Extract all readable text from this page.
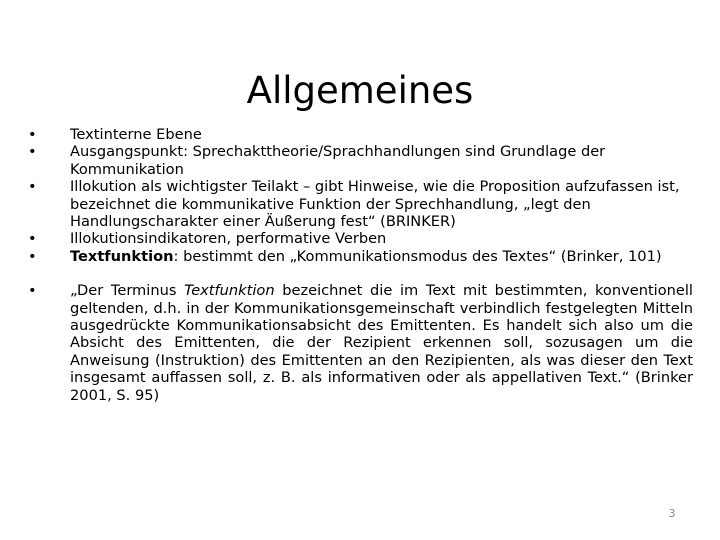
Allgemeines
•	Textinterne Ebene
•	Ausgangspunkt: Sprechakttheorie/Sprachhandlungen sind Grundlage der Kommunikation
•	Illokution als wichtigster Teilakt – gibt Hinweise, wie die Proposition aufzufassen ist, bezeichnet die kommunikative Funktion der Sprechhandlung, „legt den Handlungscharakter einer Äußerung fest“ (BRINKER)
•	Illokutionsindikatoren, performative Verben
•	Textfunktion: bestimmt den „Kommunikationsmodus des Textes“ (Brinker, 101)
•	„Der Terminus Textfunktion bezeichnet die im Text mit bestimmten, konventionell geltenden, d.h. in der Kommunikationsgemeinschaft verbindlich festgelegten Mitteln ausgedrückte Kommunikationsabsicht des Emittenten. Es handelt sich also um die Absicht des Emittenten, die der Rezipient erkennen soll, sozusagen um die Anweisung (Instruktion) des Emittenten an den Rezipienten, als was dieser den Text insgesamt auffassen soll, z. B. als informativen oder als appellativen Text.“ (Brinker 2001, S. 95)
3
